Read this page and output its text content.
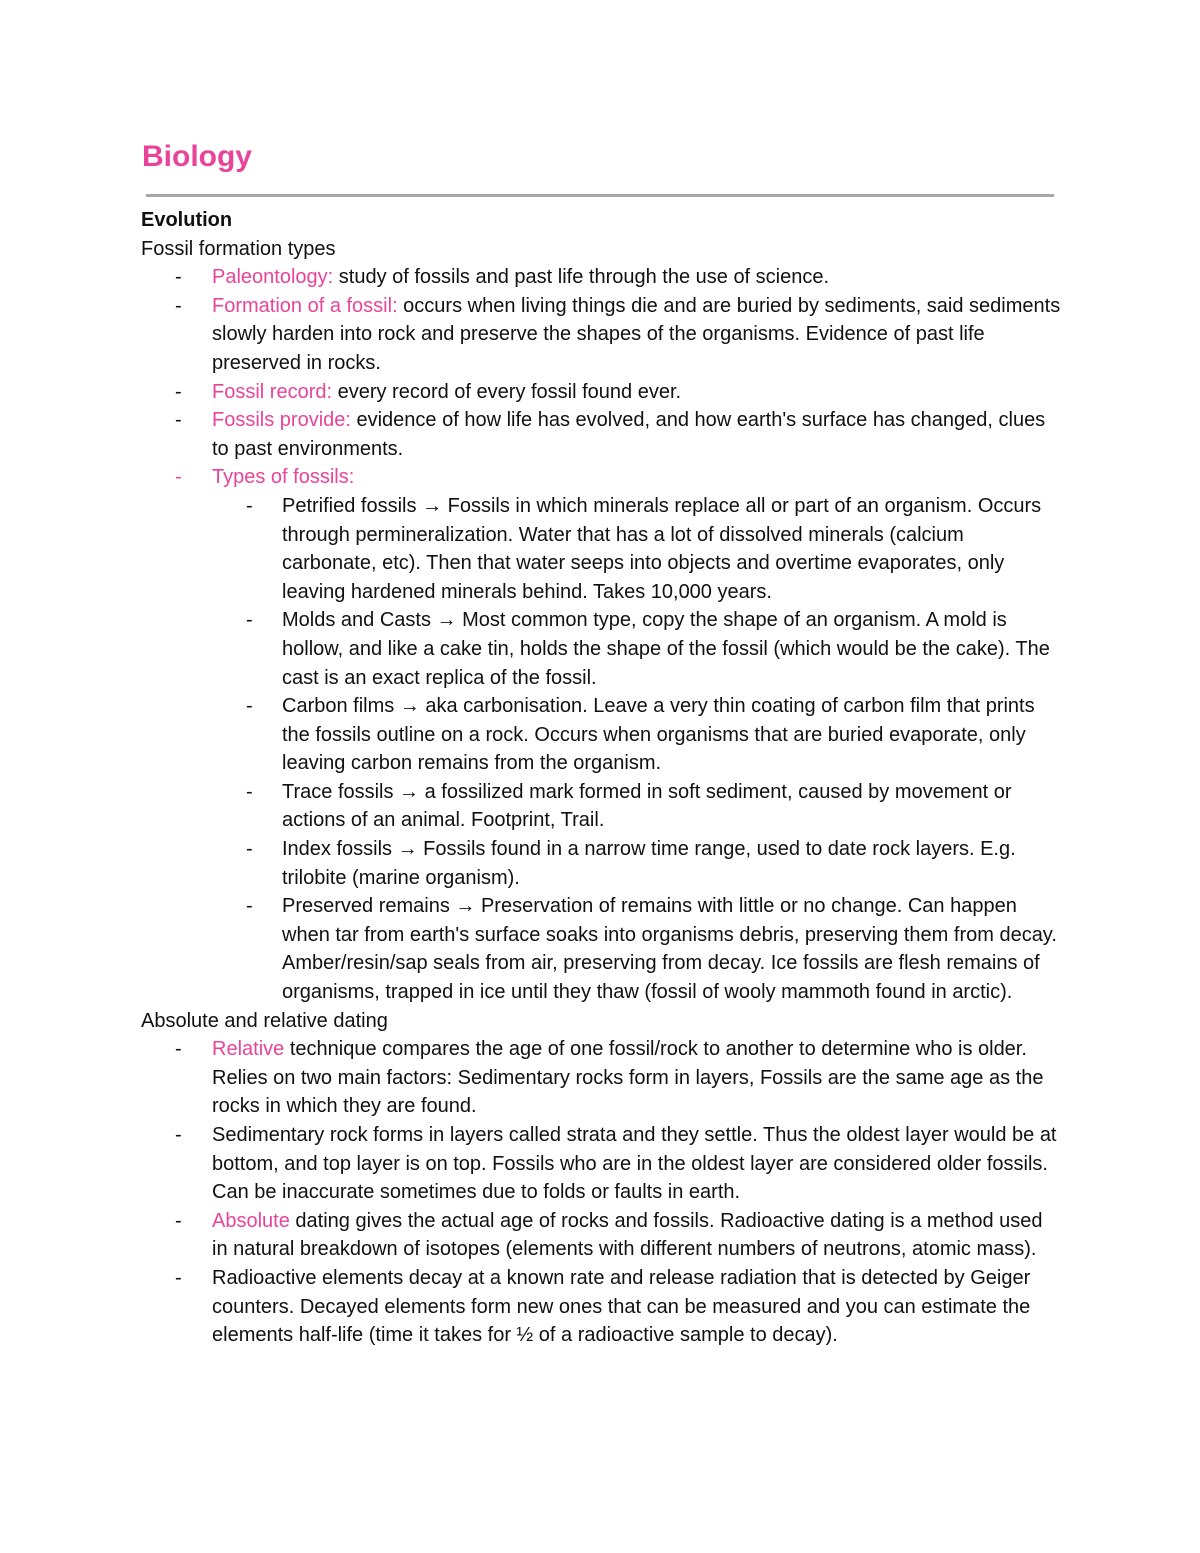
Biology

Evolution

Fossil formation types

- Paleontology: study of fossils and past life through the use of science.
- Formation of a fossil: occurs when living things die and are buried by sediments, said sediments slowly harden into rock and preserve the shapes of the organisms. Evidence of past life preserved in rocks.
- Fossil record: every record of every fossil found ever.
- Fossils provide: evidence of how life has evolved, and how earth's surface has changed, clues to past environments.
- Types of fossils:
- Petrified fossils → Fossils in which minerals replace all or part of an organism. Occurs through permineralization. Water that has a lot of dissolved minerals (calcium carbonate, etc). Then that water seeps into objects and overtime evaporates, only leaving hardened minerals behind. Takes 10,000 years.
- Molds and Casts → Most common type, copy the shape of an organism. A mold is hollow, and like a cake tin, holds the shape of the fossil (which would be the cake). The cast is an exact replica of the fossil.
- Carbon films → aka carbonisation. Leave a very thin coating of carbon film that prints the fossils outline on a rock. Occurs when organisms that are buried evaporate, only leaving carbon remains from the organism.
- Trace fossils → a fossilized mark formed in soft sediment, caused by movement or actions of an animal. Footprint, Trail.
- Index fossils → Fossils found in a narrow time range, used to date rock layers. E.g. trilobite (marine organism).
- Preserved remains → Preservation of remains with little or no change. Can happen when tar from earth's surface soaks into organisms debris, preserving them from decay. Amber/resin/sap seals from air, preserving from decay. Ice fossils are flesh remains of organisms, trapped in ice until they thaw (fossil of wooly mammoth found in arctic).

Absolute and relative dating

- Relative technique compares the age of one fossil/rock to another to determine who is older. Relies on two main factors: Sedimentary rocks form in layers, Fossils are the same age as the rocks in which they are found.
- Sedimentary rock forms in layers called strata and they settle. Thus the oldest layer would be at bottom, and top layer is on top. Fossils who are in the oldest layer are considered older fossils. Can be inaccurate sometimes due to folds or faults in earth.
- Absolute dating gives the actual age of rocks and fossils. Radioactive dating is a method used in natural breakdown of isotopes (elements with different numbers of neutrons, atomic mass).
- Radioactive elements decay at a known rate and release radiation that is detected by Geiger counters. Decayed elements form new ones that can be measured and you can estimate the elements half-life (time it takes for ½ of a radioactive sample to decay).
